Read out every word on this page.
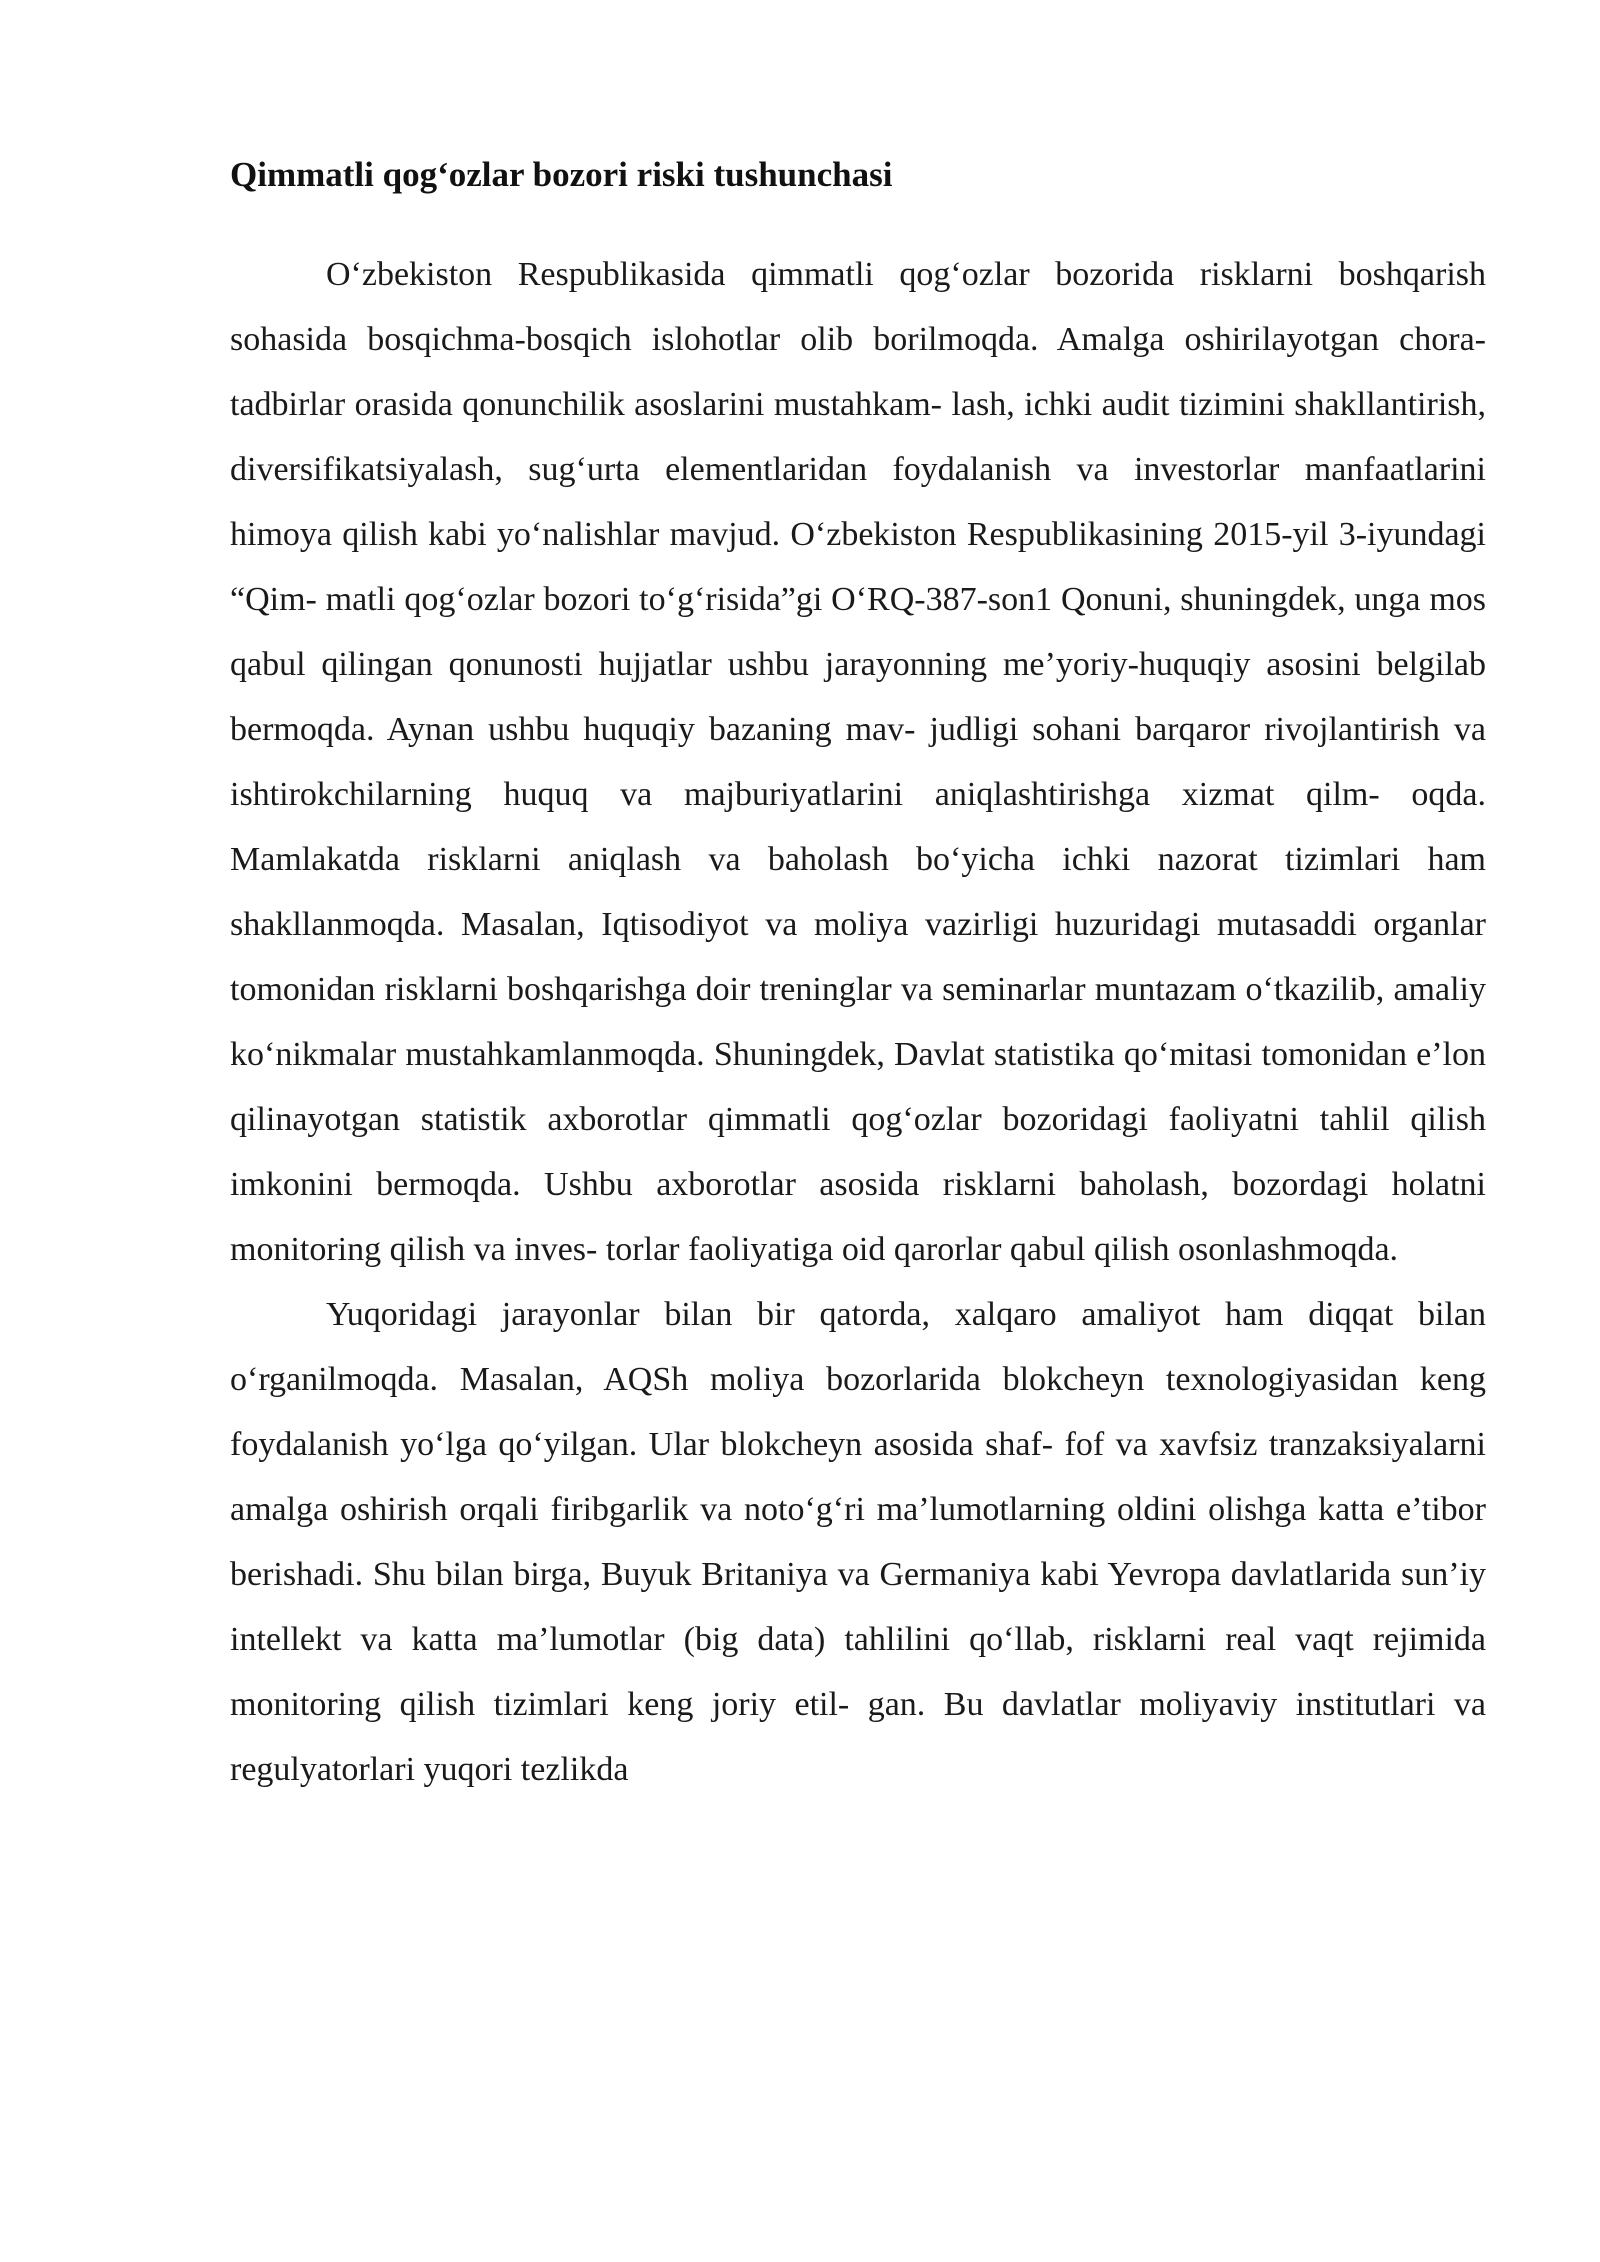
Qimmatli qog‘ozlar bozori riski tushunchasi

O‘zbekiston Respublikasida qimmatli qog‘ozlar bozorida risklarni boshqarish sohasida bosqichma-bosqich islohotlar olib borilmoqda. Amalga oshirilayotgan chora-tadbirlar orasida qonunchilik asoslarini mustahkam- lash, ichki audit tizimini shakllantirish, diversifikatsiyalash, sug‘urta elementlaridan foydalanish va investorlar manfaatlarini himoya qilish kabi yo‘nalishlar mavjud. O‘zbekiston Respublikasining 2015-yil 3-iyundagi “Qim- matli qog‘ozlar bozori to‘g‘risida”gi O‘RQ-387-son1 Qonuni, shuningdek, unga mos qabul qilingan qonunosti hujjatlar ushbu jarayonning me’yoriy-huquqiy asosini belgilab bermoqda. Aynan ushbu huquqiy bazaning mav- judligi sohani barqaror rivojlantirish va ishtirokchilarning huquq va majburiyatlarini aniqlashtirishga xizmat qilm- oqda. Mamlakatda risklarni aniqlash va baholash bo‘yicha ichki nazorat tizimlari ham shakllanmoqda. Masalan, Iqtisodiyot va moliya vazirligi huzuridagi mutasaddi organlar tomonidan risklarni boshqarishga doir treninglar va seminarlar muntazam o‘tkazilib, amaliy ko‘nikmalar mustahkamlanmoqda. Shuningdek, Davlat statistika qo‘mitasi tomonidan e’lon qilinayotgan statistik axborotlar qimmatli qog‘ozlar bozoridagi faoliyatni tahlil qilish imkonini bermoqda. Ushbu axborotlar asosida risklarni baholash, bozordagi holatni monitoring qilish va inves- torlar faoliyatiga oid qarorlar qabul qilish osonlashmoqda.

Yuqoridagi jarayonlar bilan bir qatorda, xalqaro amaliyot ham diqqat bilan o‘rganilmoqda. Masalan, AQSh moliya bozorlarida blokcheyn texnologiyasidan keng foydalanish yo‘lga qo‘yilgan. Ular blokcheyn asosida shaf- fof va xavfsiz tranzaksiyalarni amalga oshirish orqali firibgarlik va noto‘g‘ri ma’lumotlarning oldini olishga katta e’tibor berishadi. Shu bilan birga, Buyuk Britaniya va Germaniya kabi Yevropa davlatlarida sun’iy intellekt va katta ma’lumotlar (big data) tahlilini qo‘llab, risklarni real vaqt rejimida monitoring qilish tizimlari keng joriy etil- gan. Bu davlatlar moliyaviy institutlari va regulyatorlari yuqori tezlikda
